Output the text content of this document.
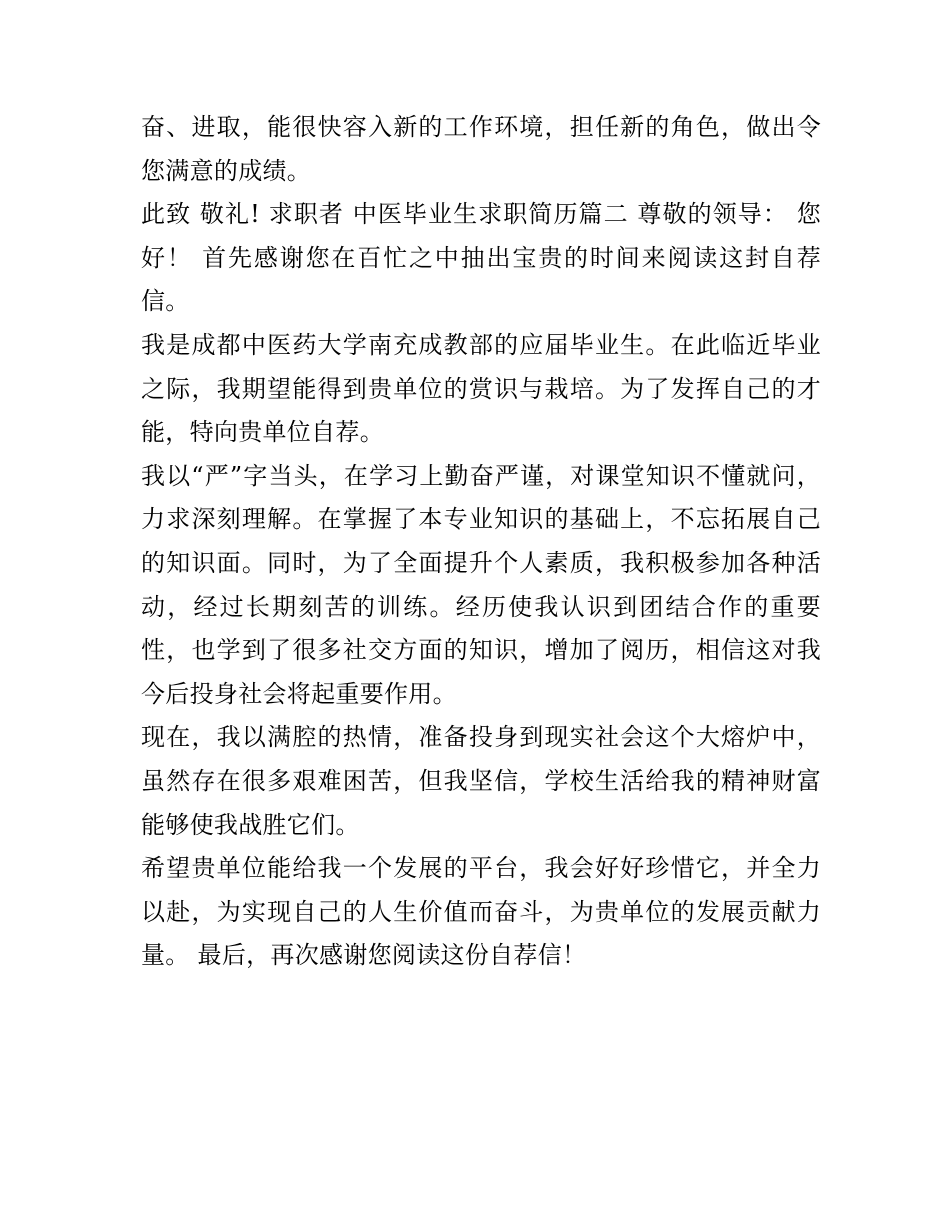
奋、进取，能很快容入新的工作环境，担任新的角色，做出令您满意的成绩。

此致 敬礼! 求职者 中医毕业生求职简历篇二 尊敬的领导： 您好！ 首先感谢您在百忙之中抽出宝贵的时间来阅读这封自荐信。

我是成都中医药大学南充成教部的应届毕业生。在此临近毕业之际，我期望能得到贵单位的赏识与栽培。为了发挥自己的才能，特向贵单位自荐。

我以“严”字当头，在学习上勤奋严谨，对课堂知识不懂就问，力求深刻理解。在掌握了本专业知识的基础上，不忘拓展自己的知识面。同时，为了全面提升个人素质，我积极参加各种活动，经过长期刻苦的训练。经历使我认识到团结合作的重要性，也学到了很多社交方面的知识，增加了阅历，相信这对我今后投身社会将起重要作用。

现在，我以满腔的热情，准备投身到现实社会这个大熔炉中，虽然存在很多艰难困苦，但我坚信，学校生活给我的精神财富能够使我战胜它们。

希望贵单位能给我一个发展的平台，我会好好珍惜它，并全力以赴，为实现自己的人生价值而奋斗，为贵单位的发展贡献力量。 最后，再次感谢您阅读这份自荐信！
